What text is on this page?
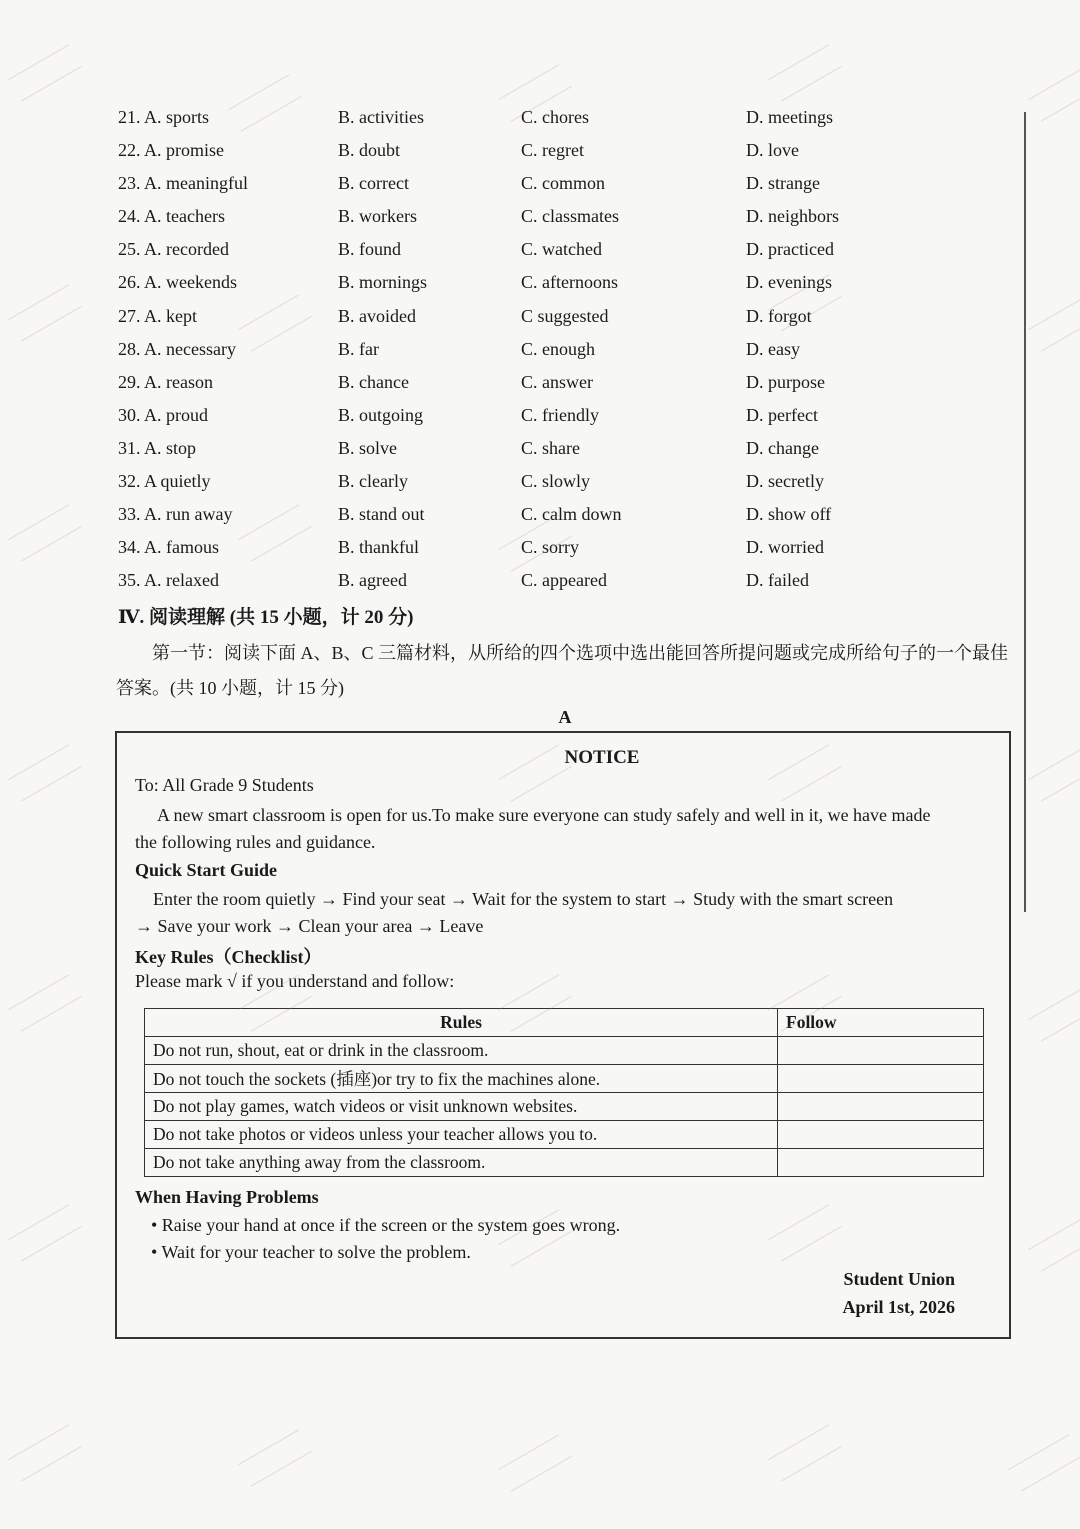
21. A. sports	B. activities	C. chores	D. meetings
22. A. promise	B. doubt	C. regret	D. love
23. A. meaningful	B. correct	C. common	D. strange
24. A. teachers	B. workers	C. classmates	D. neighbors
25. A. recorded	B. found	C. watched	D. practiced
26. A. weekends	B. mornings	C. afternoons	D. evenings
27. A. kept	B. avoided	C suggested	D. forgot
28. A. necessary	B. far	C. enough	D. easy
29. A. reason	B. chance	C. answer	D. purpose
30. A. proud	B. outgoing	C. friendly	D. perfect
31. A. stop	B. solve	C. share	D. change
32. A quietly	B. clearly	C. slowly	D. secretly
33. A. run away	B. stand out	C. calm down	D. show off
34. A. famous	B. thankful	C. sorry	D. worried
35. A. relaxed	B. agreed	C. appeared	D. failed
Ⅳ. 阅读理解 (共 15 小题，计 20 分)
第一节：阅读下面 A、B、C 三篇材料，从所给的四个选项中选出能回答所提问题或完成所给句子的一个最佳答案。(共 10 小题，计 15 分)
A
NOTICE
To: All Grade 9 Students
A new smart classroom is open for us.To make sure everyone can study safely and well in it, we have made
the following rules and guidance.
Quick Start Guide
Enter the room quietly → Find your seat → Wait for the system to start → Study with the smart screen
→ Save your work → Clean your area → Leave
Key Rules（Checklist）
Please mark √ if you understand and follow:
Rules	Follow
Do not run, shout, eat or drink in the classroom.	
Do not touch the sockets (插座)or try to fix the machines alone.	
Do not play games, watch videos or visit unknown websites.	
Do not take photos or videos unless your teacher allows you to.	
Do not take anything away from the classroom.	
When Having Problems
• Raise your hand at once if the screen or the system goes wrong.
• Wait for your teacher to solve the problem.
Student Union
April 1st, 2026
